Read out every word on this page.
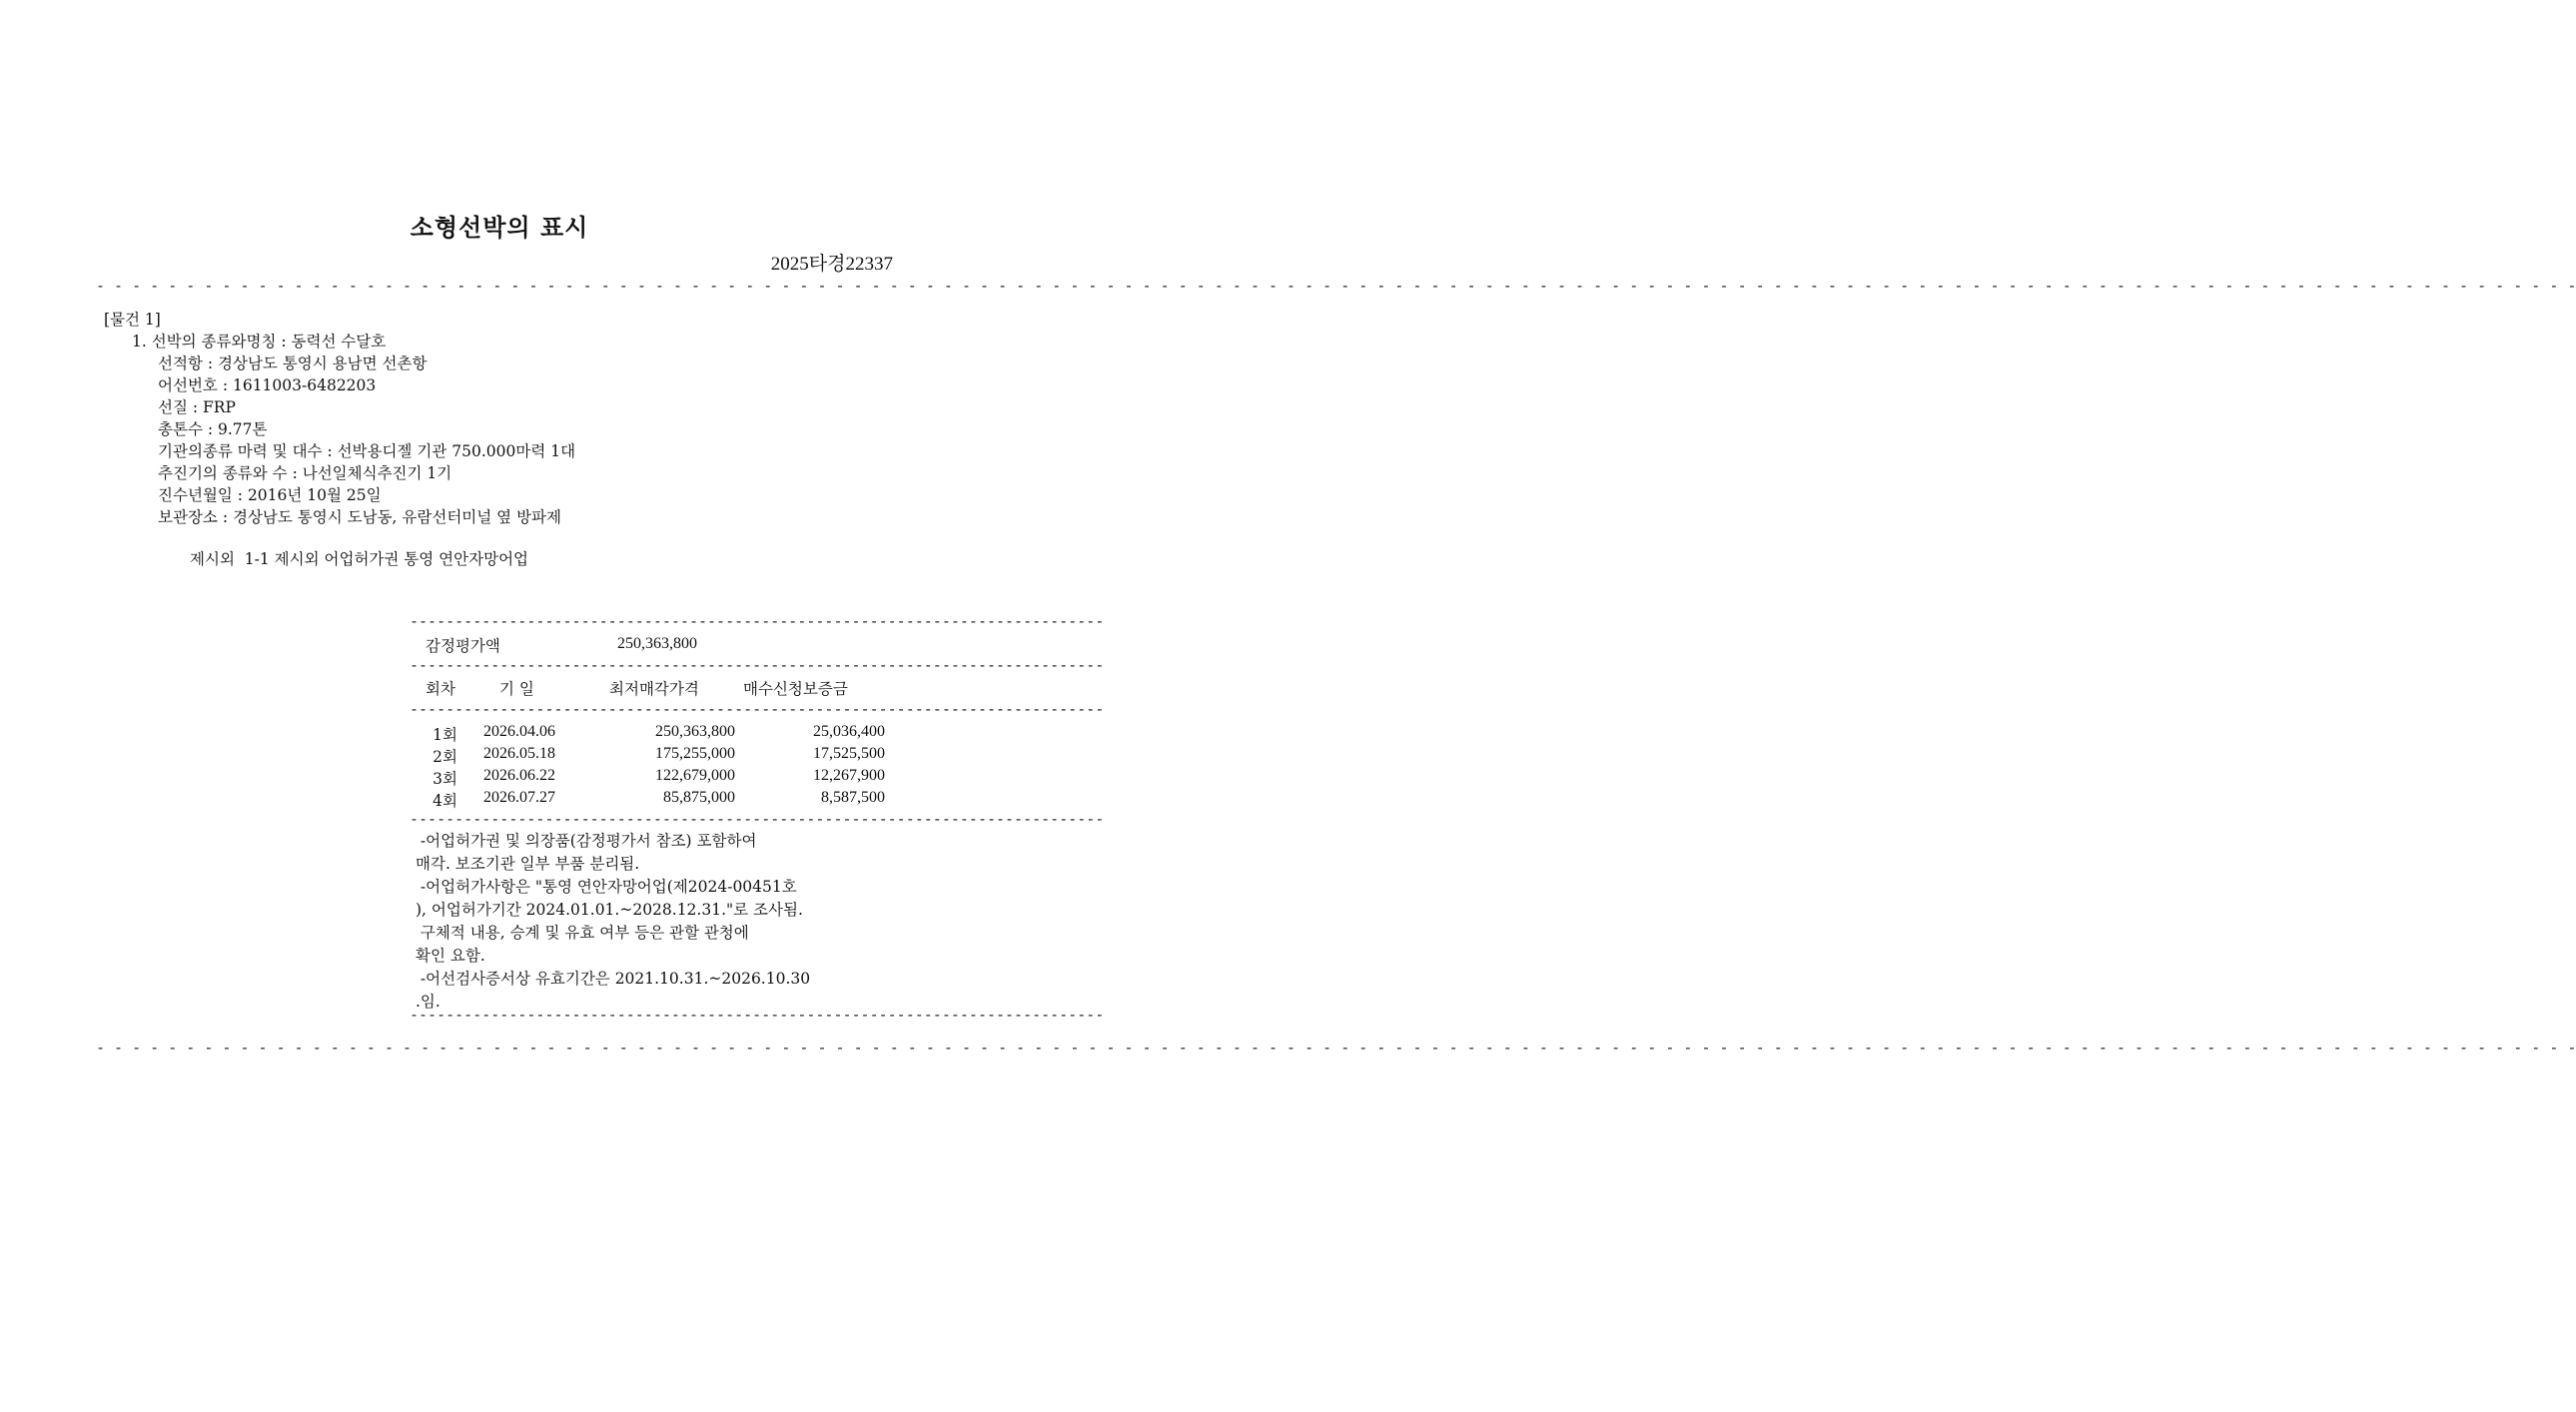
소형선박의 표시
2025타경22337
- - - - - - - - - - - - - - - - - - - - - - - - - - - - - - - - - - - - - - - - - - - - - - - - - - - - - - - - - - - - - - - - - - - - - - - - - - - - - - - - - - - - - - - - - - - - - - - - - - - - - - - - - - - - - - - - - - - - - - - - - - - - - - - - - - - - - - - - - -
[물건 1]
1. 선박의 종류와명칭 : 동력선 수달호
선적항 : 경상남도 통영시 용남면 선촌항
어선번호 : 1611003-6482203
선질 : FRP
총톤수 : 9.77톤
기관의종류 마력 및 대수 : 선박용디젤 기관 750.000마력 1대
추진기의 종류와 수 : 나선일체식추진기 1기
진수년월일 : 2016년 10월 25일
보관장소 : 경상남도 통영시 도남동, 유람선터미널 옆 방파제
제시외  1-1 제시외 어업허가권 통영 연안자망어업
-----------------------------------------------------------------------------
감정평가액	250,363,800
-----------------------------------------------------------------------------
회차	기 일	최저매각가격	매수신청보증금
-----------------------------------------------------------------------------
1회 2026.04.06	250,363,800	25,036,400
2회 2026.05.18	175,255,000	17,525,500
3회 2026.06.22	122,679,000	12,267,900
4회 2026.07.27	85,875,000	8,587,500
-----------------------------------------------------------------------------
-어업허가권 및 의장품(감정평가서 참조) 포함하여
매각. 보조기관 일부 부품 분리됨.
-어업허가사항은 "통영 연안자망어업(제2024-00451호
), 어업허가기간 2024.01.01.~2028.12.31."로 조사됨.
구체적 내용, 승계 및 유효 여부 등은 관할 관청에
확인 요함.
-어선검사증서상 유효기간은 2021.10.31.~2026.10.30
.임.
-----------------------------------------------------------------------------
- - - - - - - - - - - - - - - - - - - - - - - - - - - - - - - - - - - - - - - - - - - - - - - - - - - - - - - - - - - - - - - - - - - - - - - - - - - - - - - - - - - - - - - - - - - - - - - - - - - - - - - - - - - - - - - - - - - - - - - - - - - - - - - - - - - - - - - - - -
